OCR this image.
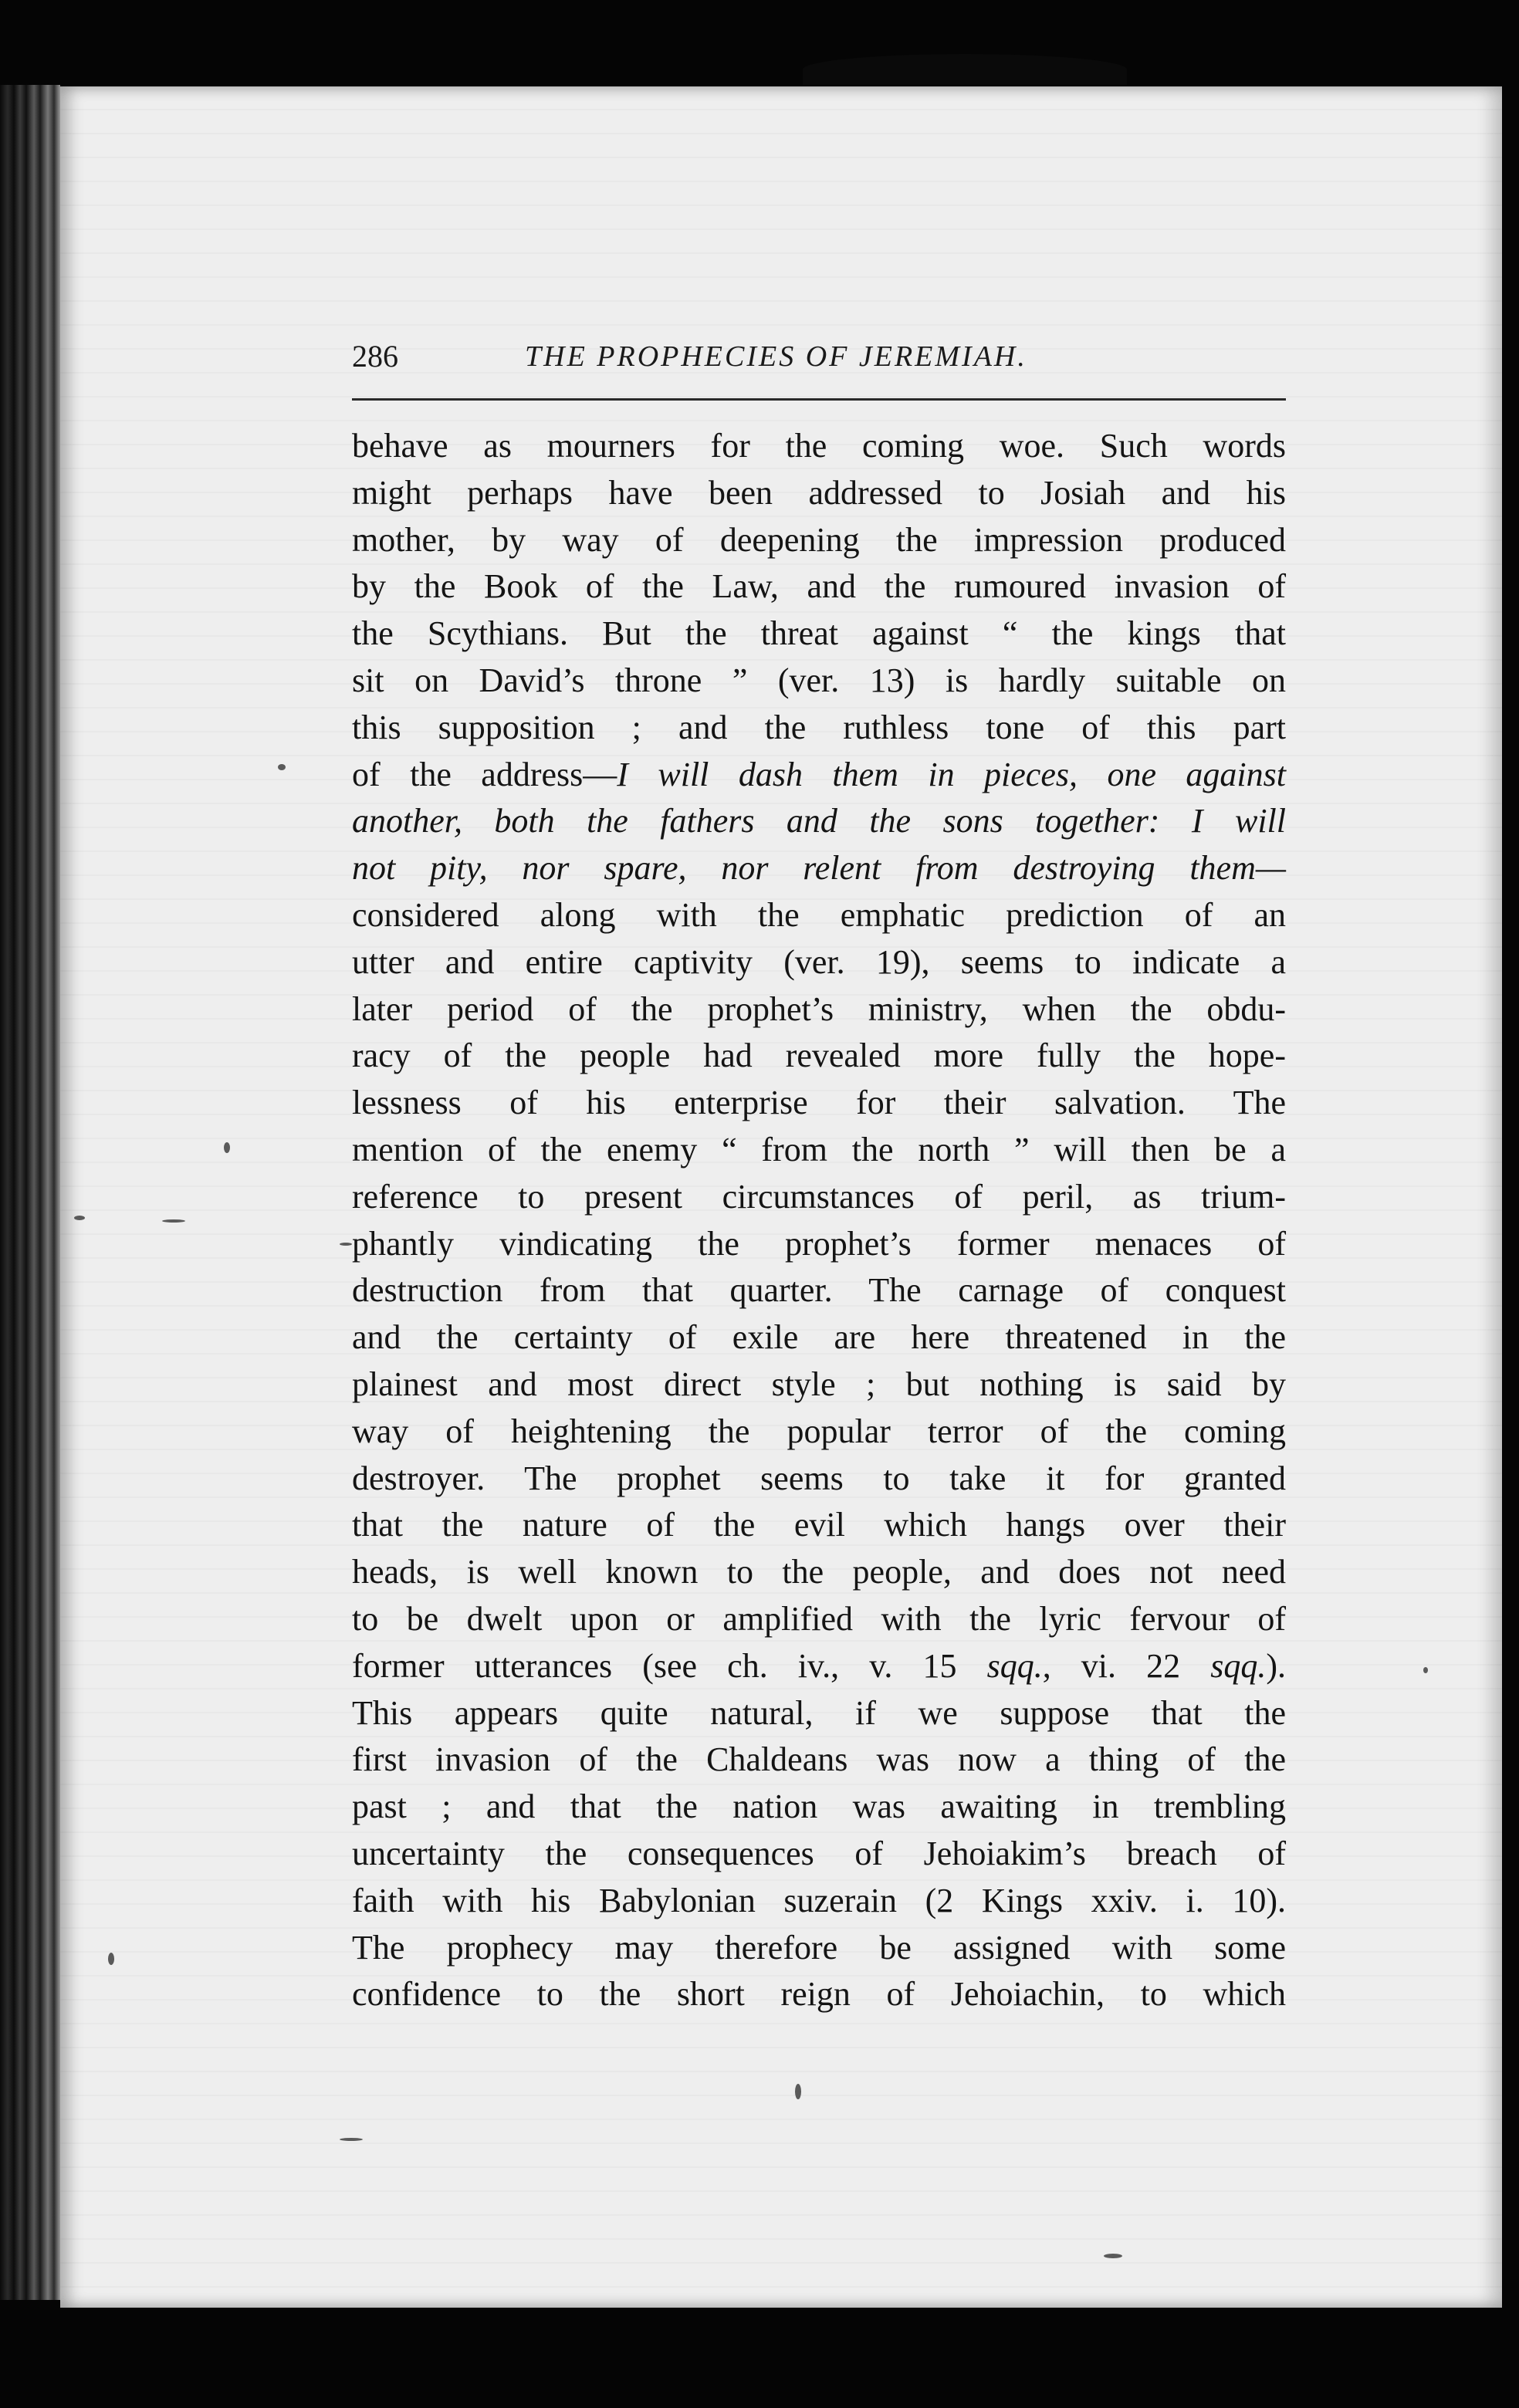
286	THE PROPHECIES OF JEREMIAH.
behave as mourners for the coming woe. Such words
might perhaps have been addressed to Josiah and his
mother, by way of deepening the impression produced
by the Book of the Law, and the rumoured invasion of
the Scythians. But the threat against “ the kings that
sit on David’s throne ” (ver. 13) is hardly suitable on
this supposition ; and the ruthless tone of this part
of the address—I will dash them in pieces, one against
another, both the fathers and the sons together: I will
not pity, nor spare, nor relent from destroying them—
considered along with the emphatic prediction of an
utter and entire captivity (ver. 19), seems to indicate a
later period of the prophet’s ministry, when the obdu-
racy of the people had revealed more fully the hope-
lessness of his enterprise for their salvation. The
mention of the enemy “ from the north ” will then be a
reference to present circumstances of peril, as trium-
phantly vindicating the prophet’s former menaces of
destruction from that quarter. The carnage of conquest
and the certainty of exile are here threatened in the
plainest and most direct style ; but nothing is said by
way of heightening the popular terror of the coming
destroyer. The prophet seems to take it for granted
that the nature of the evil which hangs over their
heads, is well known to the people, and does not need
to be dwelt upon or amplified with the lyric fervour of
former utterances (see ch. iv., v. 15 sqq., vi. 22 sqq.).
This appears quite natural, if we suppose that the
first invasion of the Chaldeans was now a thing of the
past ; and that the nation was awaiting in trembling
uncertainty the consequences of Jehoiakim’s breach of
faith with his Babylonian suzerain (2 Kings xxiv. i. 10).
The prophecy may therefore be assigned with some
confidence to the short reign of Jehoiachin, to which
